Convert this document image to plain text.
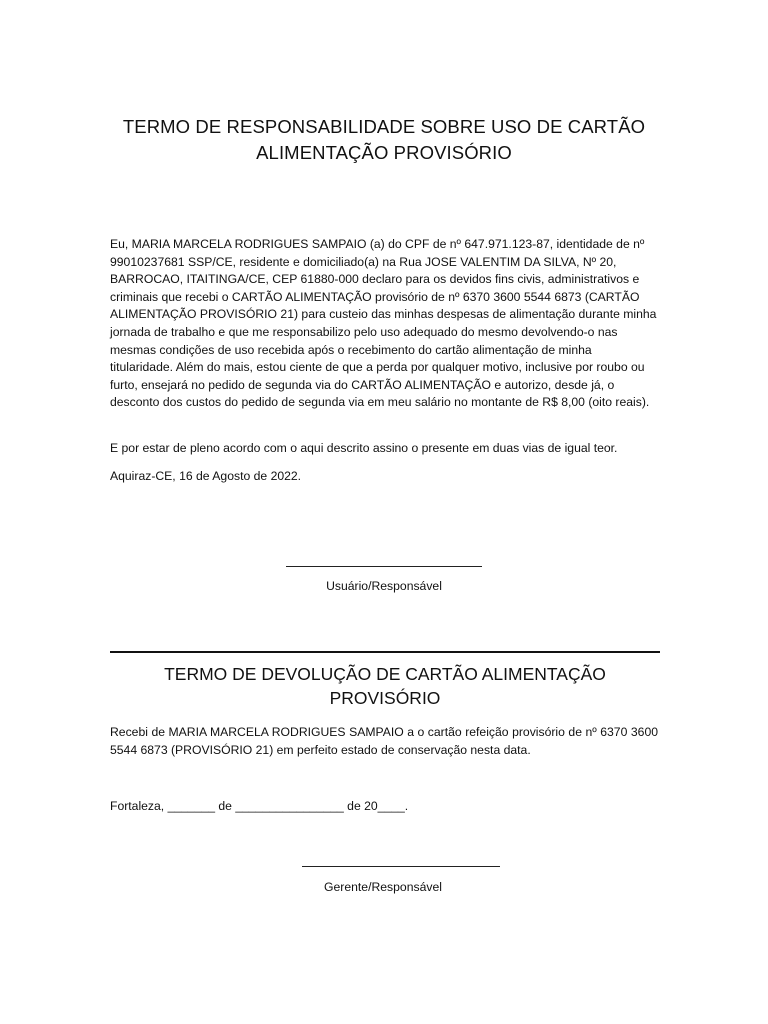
TERMO DE RESPONSABILIDADE SOBRE USO DE CARTÃO
ALIMENTAÇÃO PROVISÓRIO

Eu, MARIA MARCELA RODRIGUES SAMPAIO (a) do CPF de nº 647.971.123-87, identidade de nº 99010237681 SSP/CE, residente e domiciliado(a) na Rua JOSE VALENTIM DA SILVA, Nº 20, BARROCAO, ITAITINGA/CE, CEP 61880-000 declaro para os devidos fins civis, administrativos e criminais que recebi o CARTÃO ALIMENTAÇÃO provisório de nº 6370 3600 5544 6873 (CARTÃO ALIMENTAÇÃO PROVISÓRIO 21) para custeio das minhas despesas de alimentação durante minha jornada de trabalho e que me responsabilizo pelo uso adequado do mesmo devolvendo-o nas mesmas condições de uso recebida após o recebimento do cartão alimentação de minha titularidade. Além do mais, estou ciente de que a perda por qualquer motivo, inclusive por roubo ou furto, ensejará no pedido de segunda via do CARTÃO ALIMENTAÇÃO e autorizo, desde já, o desconto dos custos do pedido de segunda via em meu salário no montante de R$ 8,00 (oito reais).

E por estar de pleno acordo com o aqui descrito assino o presente em duas vias de igual teor.

Aquiraz-CE, 16 de Agosto de 2022.

Usuário/Responsável
TERMO DE DEVOLUÇÃO DE CARTÃO ALIMENTAÇÃO PROVISÓRIO

Recebi de MARIA MARCELA RODRIGUES SAMPAIO a o cartão refeição provisório de nº 6370 3600 5544 6873 (PROVISÓRIO 21) em perfeito estado de conservação nesta data.

Fortaleza, _______ de ________________ de 20____.
Gerente/Responsável
